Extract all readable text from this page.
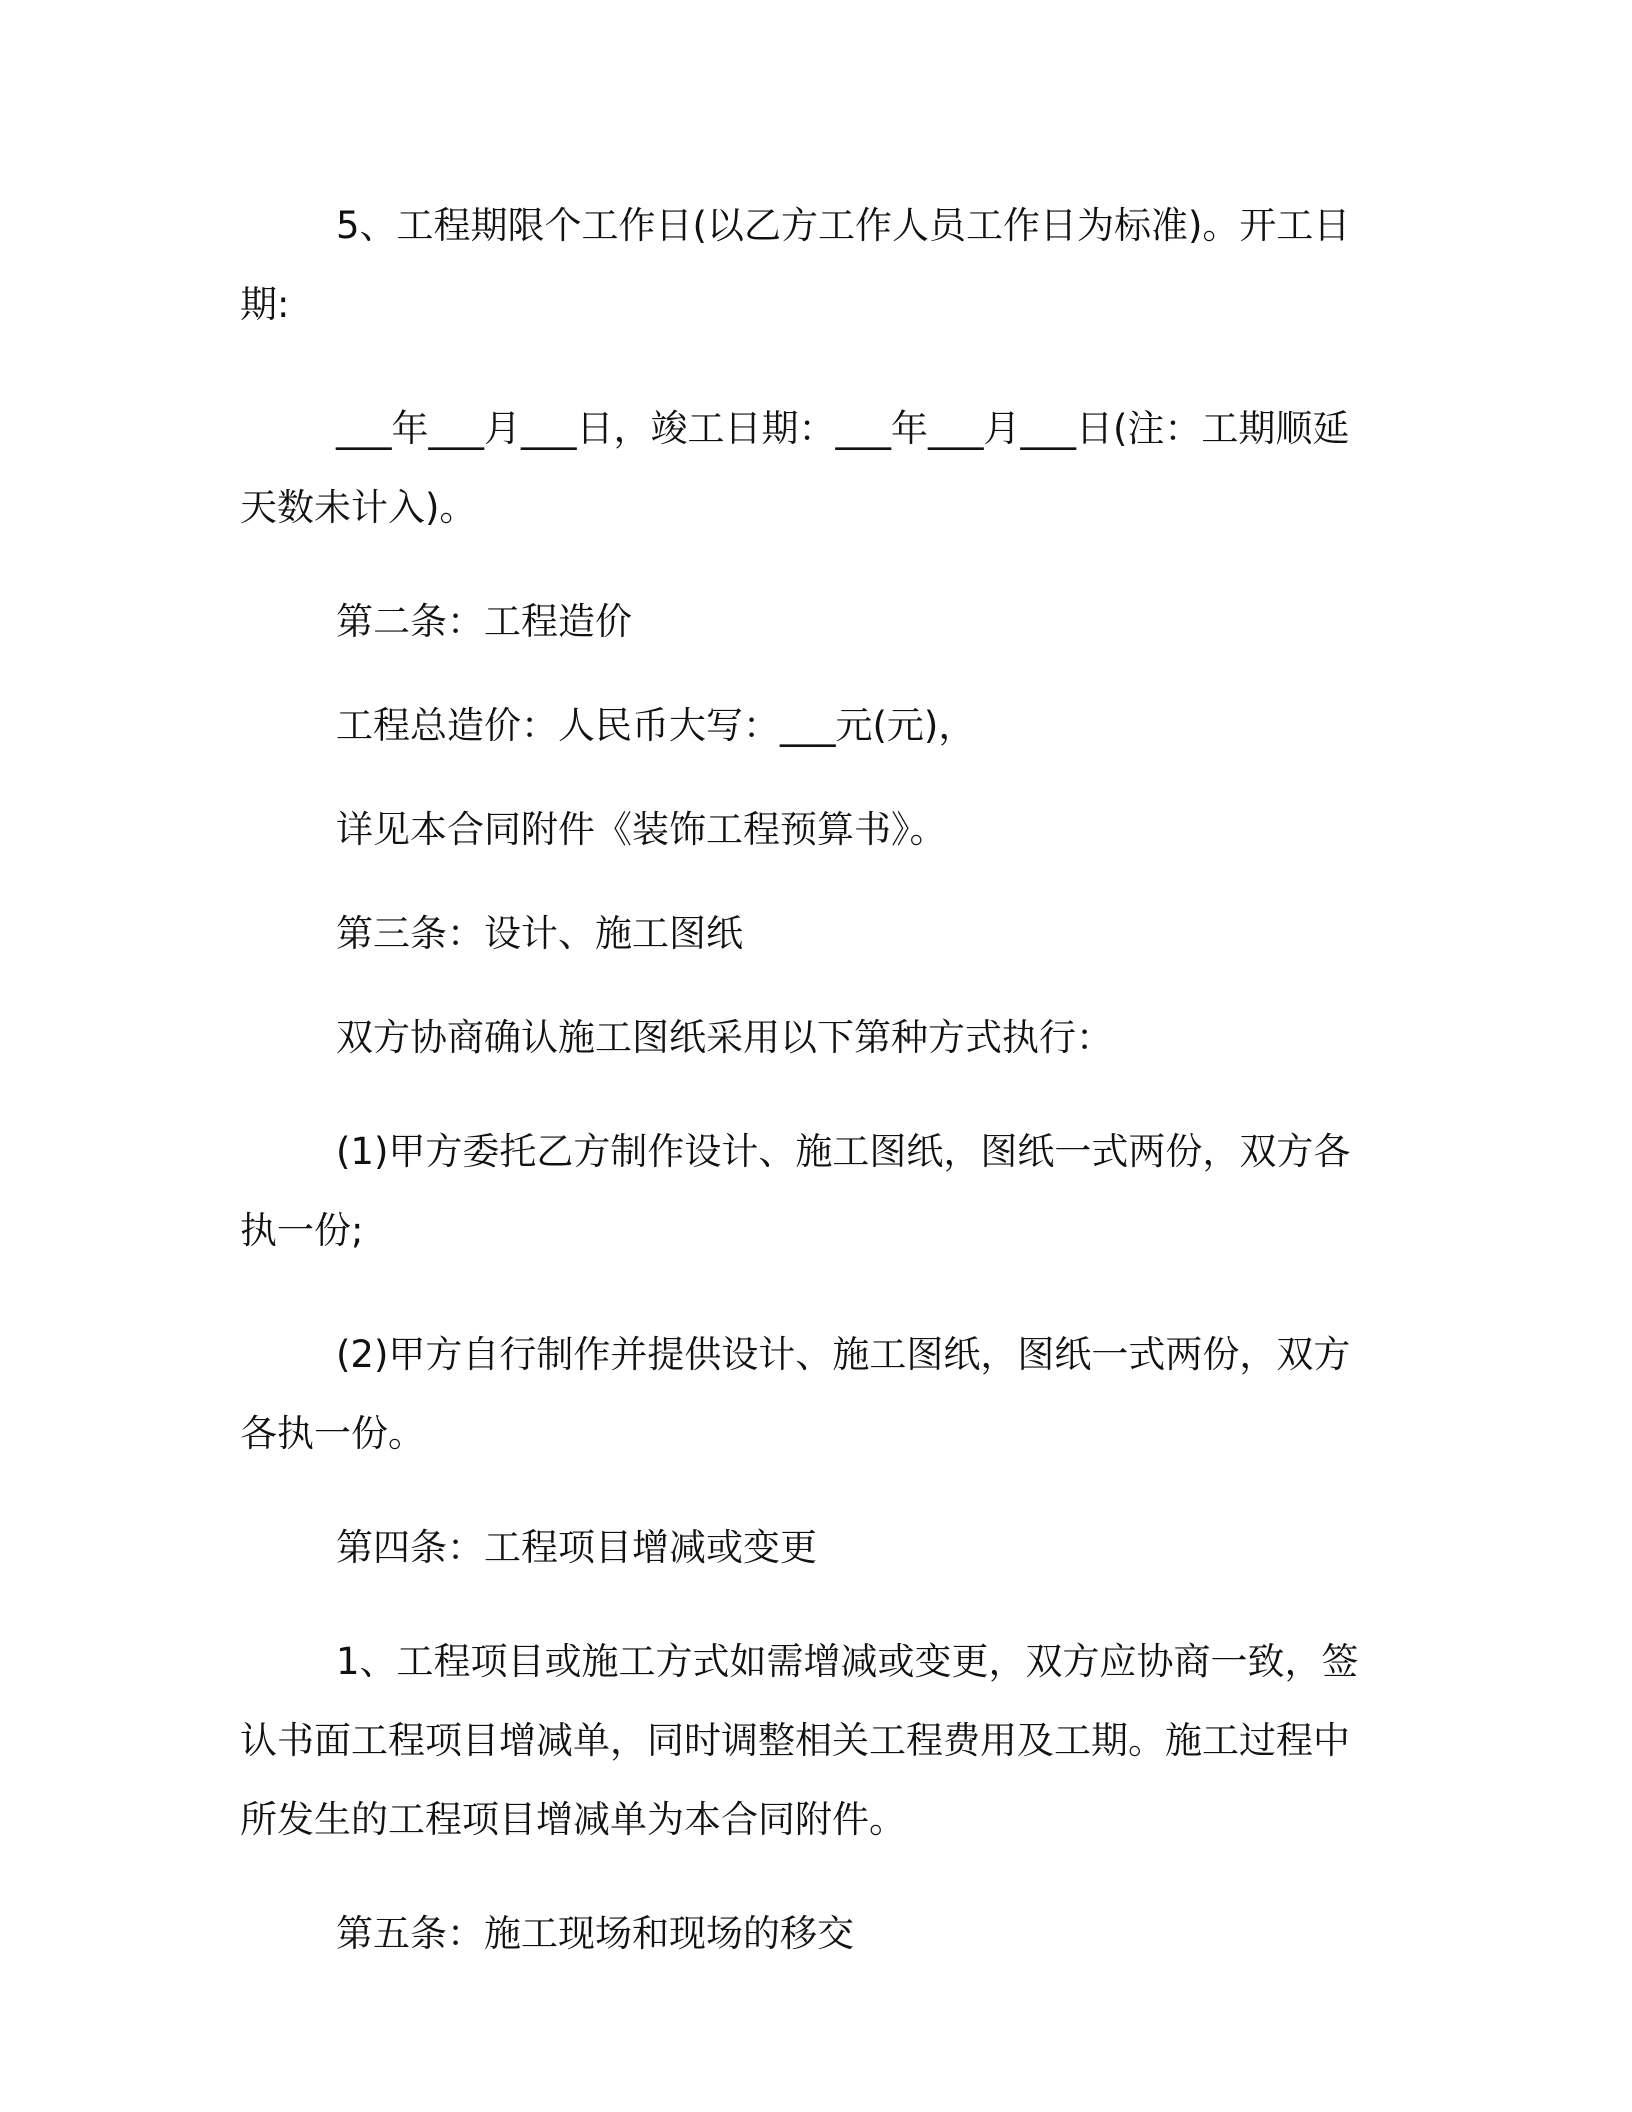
5、工程期限个工作日(以乙方工作人员工作日为标准)。开工日期:

___年___月___日，竣工日期：___年___月___日(注：工期顺延天数未计入)。

第二条：工程造价

工程总造价：人民币大写：___元(元)，

详见本合同附件《装饰工程预算书》。

第三条：设计、施工图纸

双方协商确认施工图纸采用以下第种方式执行：

(1)甲方委托乙方制作设计、施工图纸，图纸一式两份，双方各执一份;

(2)甲方自行制作并提供设计、施工图纸，图纸一式两份，双方各执一份。

第四条：工程项目增减或变更

1、工程项目或施工方式如需增减或变更，双方应协商一致，签认书面工程项目增减单，同时调整相关工程费用及工期。施工过程中所发生的工程项目增减单为本合同附件。

第五条：施工现场和现场的移交
